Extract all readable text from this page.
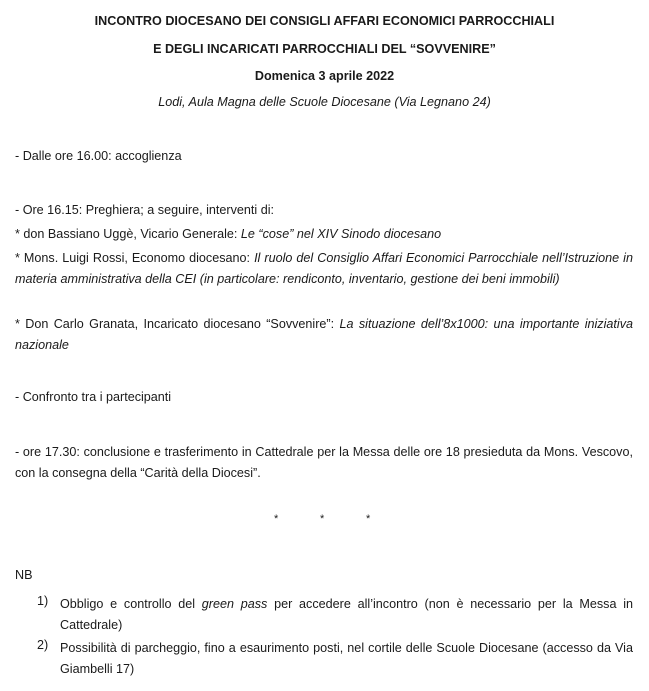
INCONTRO DIOCESANO DEI CONSIGLI AFFARI ECONOMICI PARROCCHIALI
E DEGLI INCARICATI PARROCCHIALI DEL “SOVVENIRE”
Domenica 3 aprile 2022
Lodi, Aula Magna delle Scuole Diocesane (Via Legnano 24)
- Dalle ore 16.00: accoglienza
- Ore 16.15: Preghiera; a seguire, interventi di:
* don Bassiano Uggè, Vicario Generale: Le “cose” nel XIV Sinodo diocesano
* Mons. Luigi Rossi, Economo diocesano: Il ruolo del Consiglio Affari Economici Parrocchiale nell’Istruzione in materia amministrativa della CEI (in particolare: rendiconto, inventario, gestione dei beni immobili)
* Don Carlo Granata, Incaricato diocesano “Sovvenire”: La situazione dell’8x1000: una importante iniziativa nazionale
- Confronto tra i partecipanti
- ore 17.30: conclusione e trasferimento in Cattedrale per la Messa delle ore 18 presieduta da Mons. Vescovo, con la consegna della “Carità della Diocesi”.
*	*	*
NB
1) Obbligo e controllo del green pass per accedere all’incontro (non è necessario per la Messa in Cattedrale)
2) Possibilità di parcheggio, fino a esaurimento posti, nel cortile delle Scuole Diocesane (accesso da Via Giambelli 17)
